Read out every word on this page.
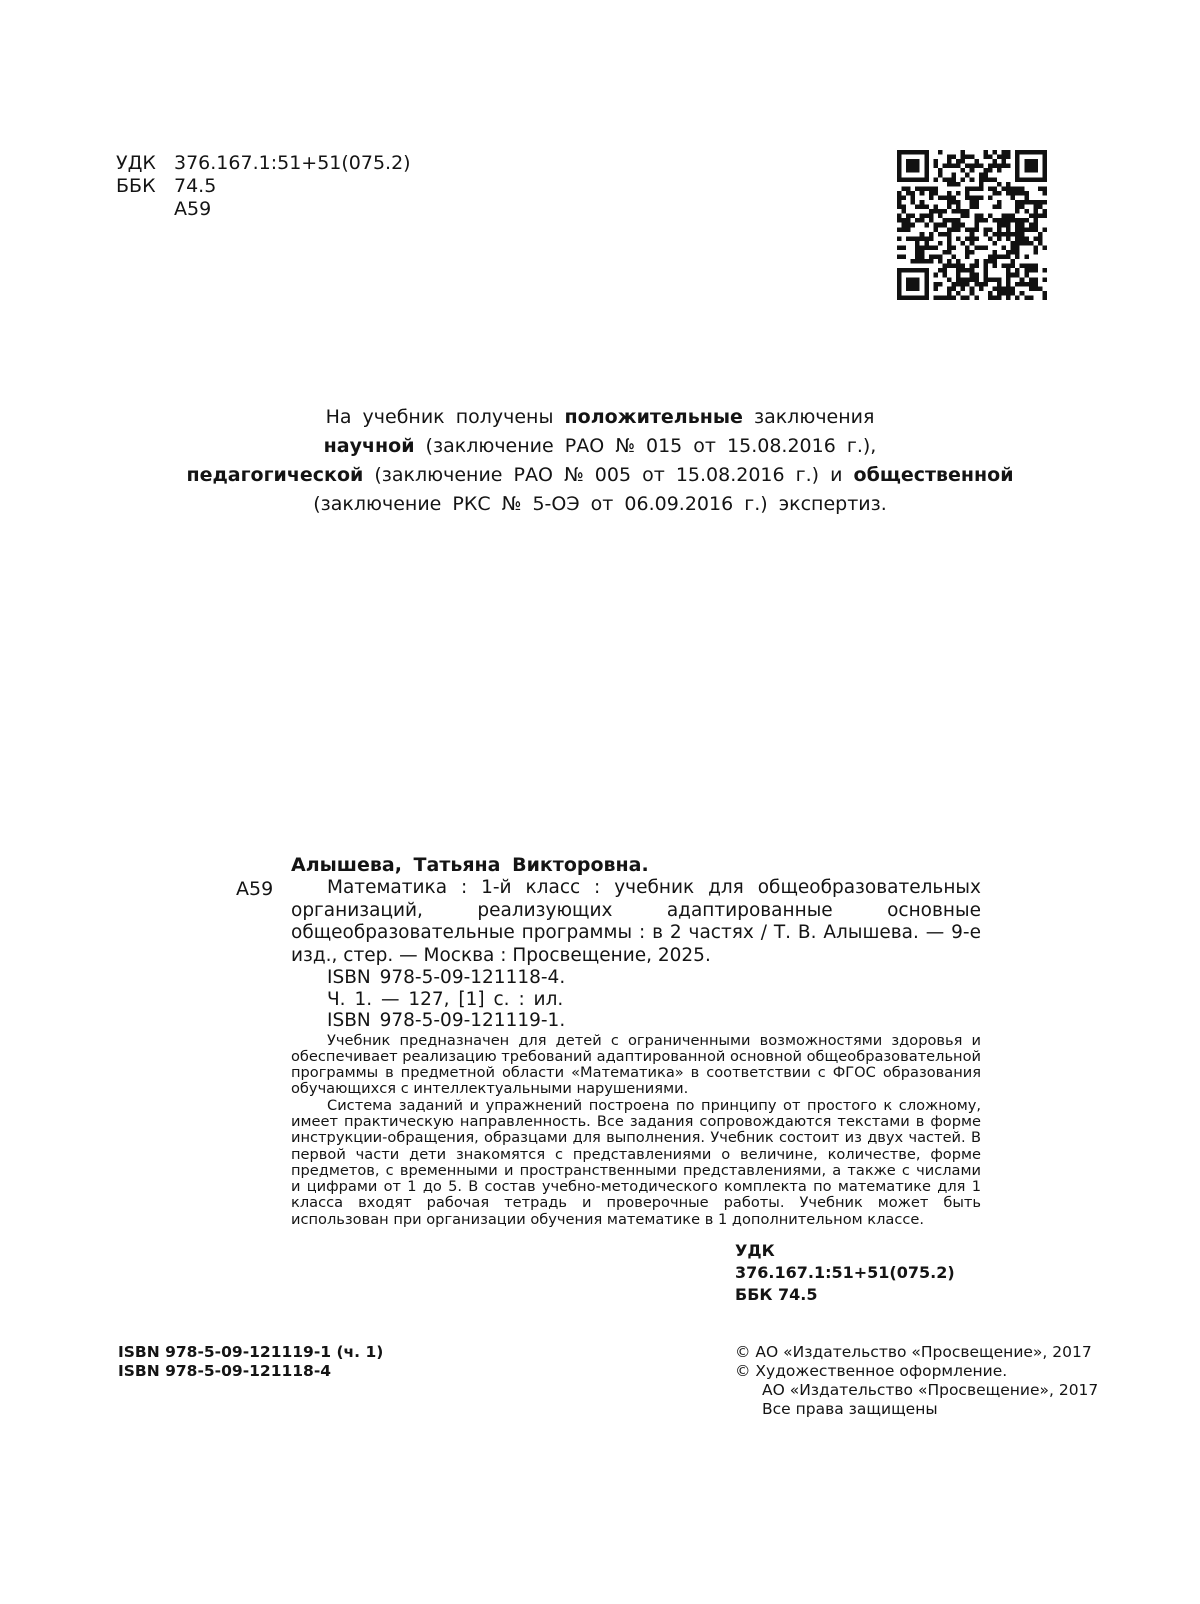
УДК 376.167.1:51+51(075.2)
ББК 74.5
А59
На учебник получены положительные заключения
научной (заключение РАО № 015 от 15.08.2016 г.),
педагогической (заключение РАО № 005 от 15.08.2016 г.) и общественной
(заключение РКС № 5-ОЭ от 06.09.2016 г.) экспертиз.
А59
Алышева, Татьяна Викторовна.
Математика : 1-й класс : учебник для общеобразовательных организаций, реализующих адаптированные основные общеобразовательные программы : в 2 частях / Т. В. Алышева. — 9-е изд., стер. — Москва : Просвещение, 2025.
ISBN 978-5-09-121118-4.
Ч. 1. — 127, [1] с. : ил.
ISBN 978-5-09-121119-1.

Учебник предназначен для детей с ограниченными возможностями здоровья и обеспечивает реализацию требований адаптированной основной общеобразовательной программы в предметной области «Математика» в соответствии с ФГОС образования обучающихся с интеллектуальными нарушениями.

Система заданий и упражнений построена по принципу от простого к сложному, имеет практическую направленность. Все задания сопровождаются текстами в форме инструкции-обращения, образцами для выполнения. Учебник состоит из двух частей. В первой части дети знакомятся с представлениями о величине, количестве, форме предметов, с временными и пространственными представлениями, а также с числами и цифрами от 1 до 5. В состав учебно-методического комплекта по математике для 1 класса входят рабочая тетрадь и проверочные работы. Учебник может быть использован при организации обучения математике в 1 дополнительном классе.

УДК 376.167.1:51+51(075.2)
ББК 74.5
ISBN 978-5-09-121119-1 (ч. 1)
ISBN 978-5-09-121118-4
© АО «Издательство «Просвещение», 2017
© Художественное оформление.
АО «Издательство «Просвещение», 2017
Все права защищены
